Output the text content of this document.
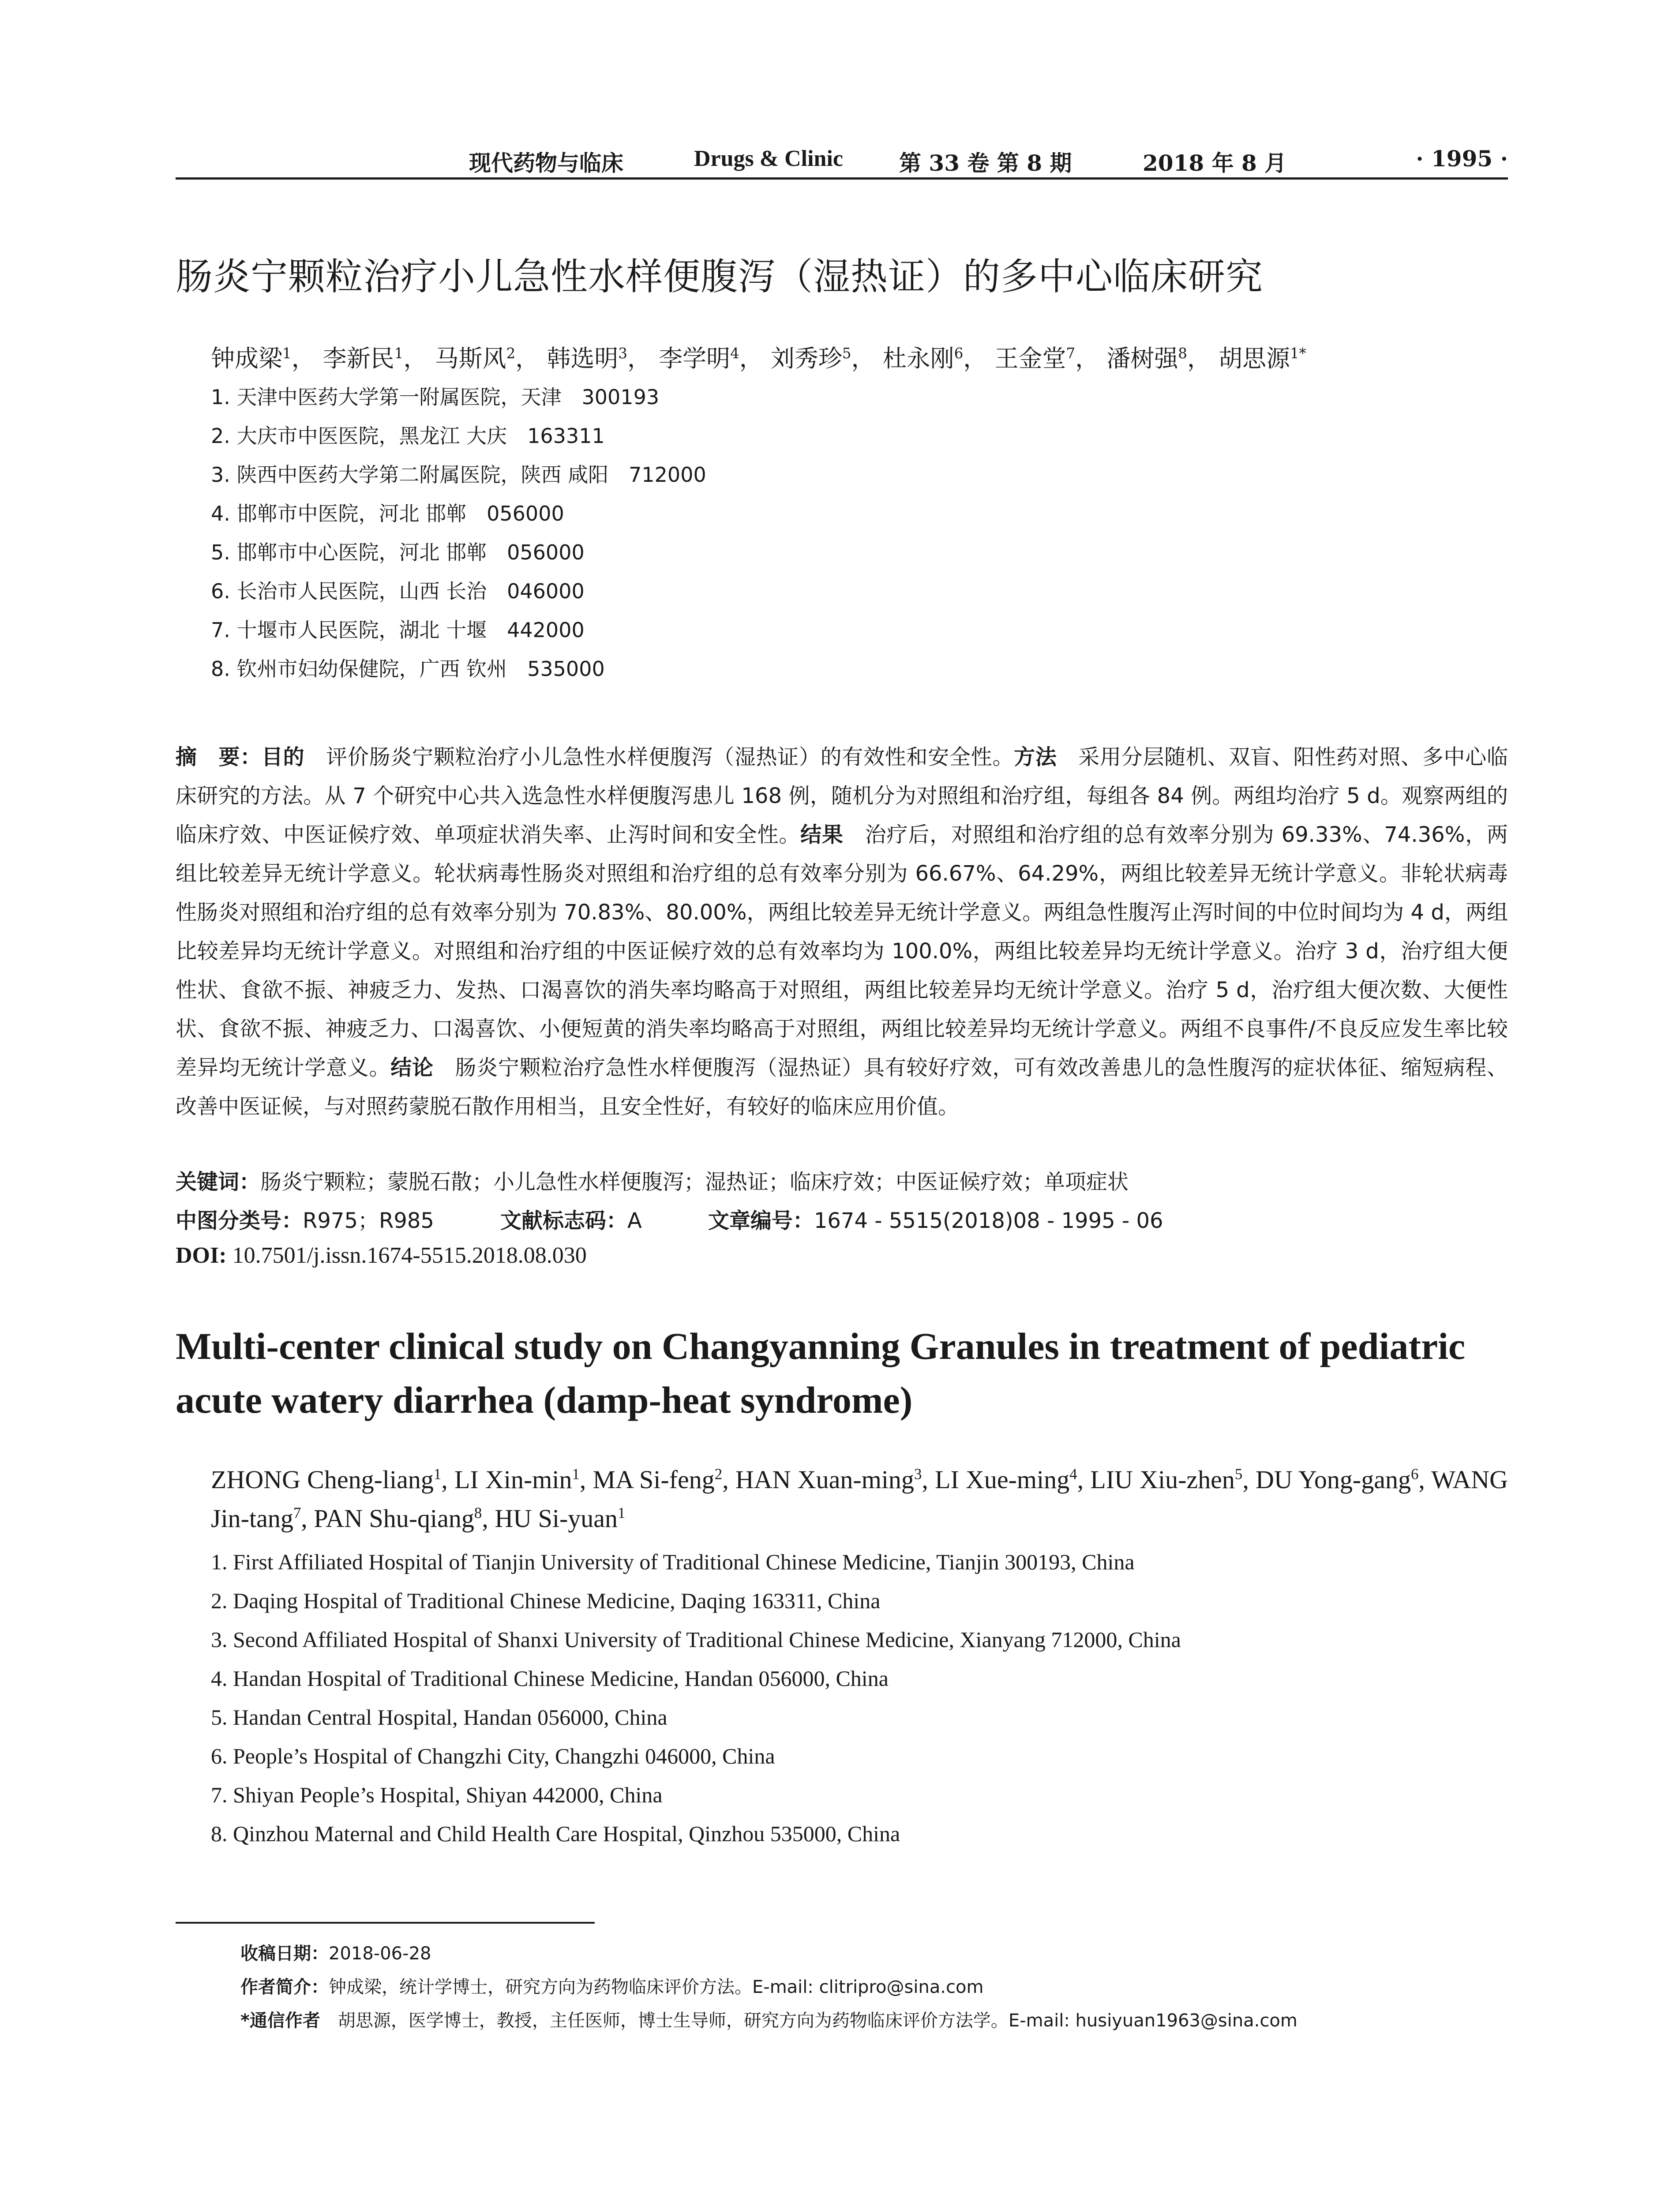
现代药物与临床	Drugs & Clinic	第 33 卷 第 8 期	2018 年 8 月	· 1995 ·
肠炎宁颗粒治疗小儿急性水样便腹泻（湿热证）的多中心临床研究
钟成梁$^1$， 李新民$^1$， 马斯风$^2$， 韩选明$^3$， 李学明$^4$， 刘秀珍$^5$， 杜永刚$^6$， 王金堂$^7$， 潘树强$^8$， 胡思源$^{1*}$
1. 天津中医药大学第一附属医院，天津　300193
2. 大庆市中医医院，黑龙江 大庆　163311
3. 陕西中医药大学第二附属医院，陕西 咸阳　712000
4. 邯郸市中医院，河北 邯郸　056000
5. 邯郸市中心医院，河北 邯郸　056000
6. 长治市人民医院，山西 长治　046000
7. 十堰市人民医院，湖北 十堰　442000
8. 钦州市妇幼保健院，广西 钦州　535000

摘　要：目的　评价肠炎宁颗粒治疗小儿急性水样便腹泻（湿热证）的有效性和安全性。方法　采用分层随机、双盲、阳性药对照、多中心临床研究的方法。从 7 个研究中心共入选急性水样便腹泻患儿 168 例，随机分为对照组和治疗组，每组各 84 例。两组均治疗 5 d。观察两组的临床疗效、中医证候疗效、单项症状消失率、止泻时间和安全性。结果　治疗后，对照组和治疗组的总有效率分别为 69.33%、74.36%，两组比较差异无统计学意义。轮状病毒性肠炎对照组和治疗组的总有效率分别为 66.67%、64.29%，两组比较差异无统计学意义。非轮状病毒性肠炎对照组和治疗组的总有效率分别为 70.83%、80.00%，两组比较差异无统计学意义。两组急性腹泻止泻时间的中位时间均为 4 d，两组比较差异均无统计学意义。对照组和治疗组的中医证候疗效的总有效率均为 100.0%，两组比较差异均无统计学意义。治疗 3 d，治疗组大便性状、食欲不振、神疲乏力、发热、口渴喜饮的消失率均略高于对照组，两组比较差异均无统计学意义。治疗 5 d，治疗组大便次数、大便性状、食欲不振、神疲乏力、口渴喜饮、小便短黄的消失率均略高于对照组，两组比较差异均无统计学意义。两组不良事件/不良反应发生率比较差异均无统计学意义。结论　肠炎宁颗粒治疗急性水样便腹泻（湿热证）具有较好疗效，可有效改善患儿的急性腹泻的症状体征、缩短病程、改善中医证候，与对照药蒙脱石散作用相当，且安全性好，有较好的临床应用价值。

关键词：肠炎宁颗粒；蒙脱石散；小儿急性水样便腹泻；湿热证；临床疗效；中医证候疗效；单项症状
中图分类号：R975；R985	文献标志码：A	文章编号：1674 - 5515(2018)08 - 1995 - 06
DOI: 10.7501/j.issn.1674-5515.2018.08.030
Multi-center clinical study on Changyanning Granules in treatment of pediatric acute watery diarrhea (damp-heat syndrome)
ZHONG Cheng-liang$^1$, LI Xin-$\min^1$, MA Si-feng$^2$, HAN Xuan-ming$^3$, LI Xue-ming$^4$, LIU Xiu-zhen$^5$, DU Yong-gang$^6$, WANG Jin-tang$^7$, PAN Shu-qiang$^8$, HU Si-yuan$^1$
1. First Affiliated Hospital of Tianjin University of Traditional Chinese Medicine, Tianjin 300193, China
2. Daqing Hospital of Traditional Chinese Medicine, Daqing 163311, China
3. Second Affiliated Hospital of Shanxi University of Traditional Chinese Medicine, Xianyang 712000, China
4. Handan Hospital of Traditional Chinese Medicine, Handan 056000, China
5. Handan Central Hospital, Handan 056000, China
6. People’s Hospital of Changzhi City, Changzhi 046000, China
7. Shiyan People’s Hospital, Shiyan 442000, China
8. Qinzhou Maternal and Child Health Care Hospital, Qinzhou 535000, China
收稿日期：2018-06-28
作者简介：钟成梁，统计学博士，研究方向为药物临床评价方法。E-mail: clitripro@sina.com
*通信作者　胡思源，医学博士，教授，主任医师，博士生导师，研究方向为药物临床评价方法学。E-mail: husiyuan1963@sina.com
